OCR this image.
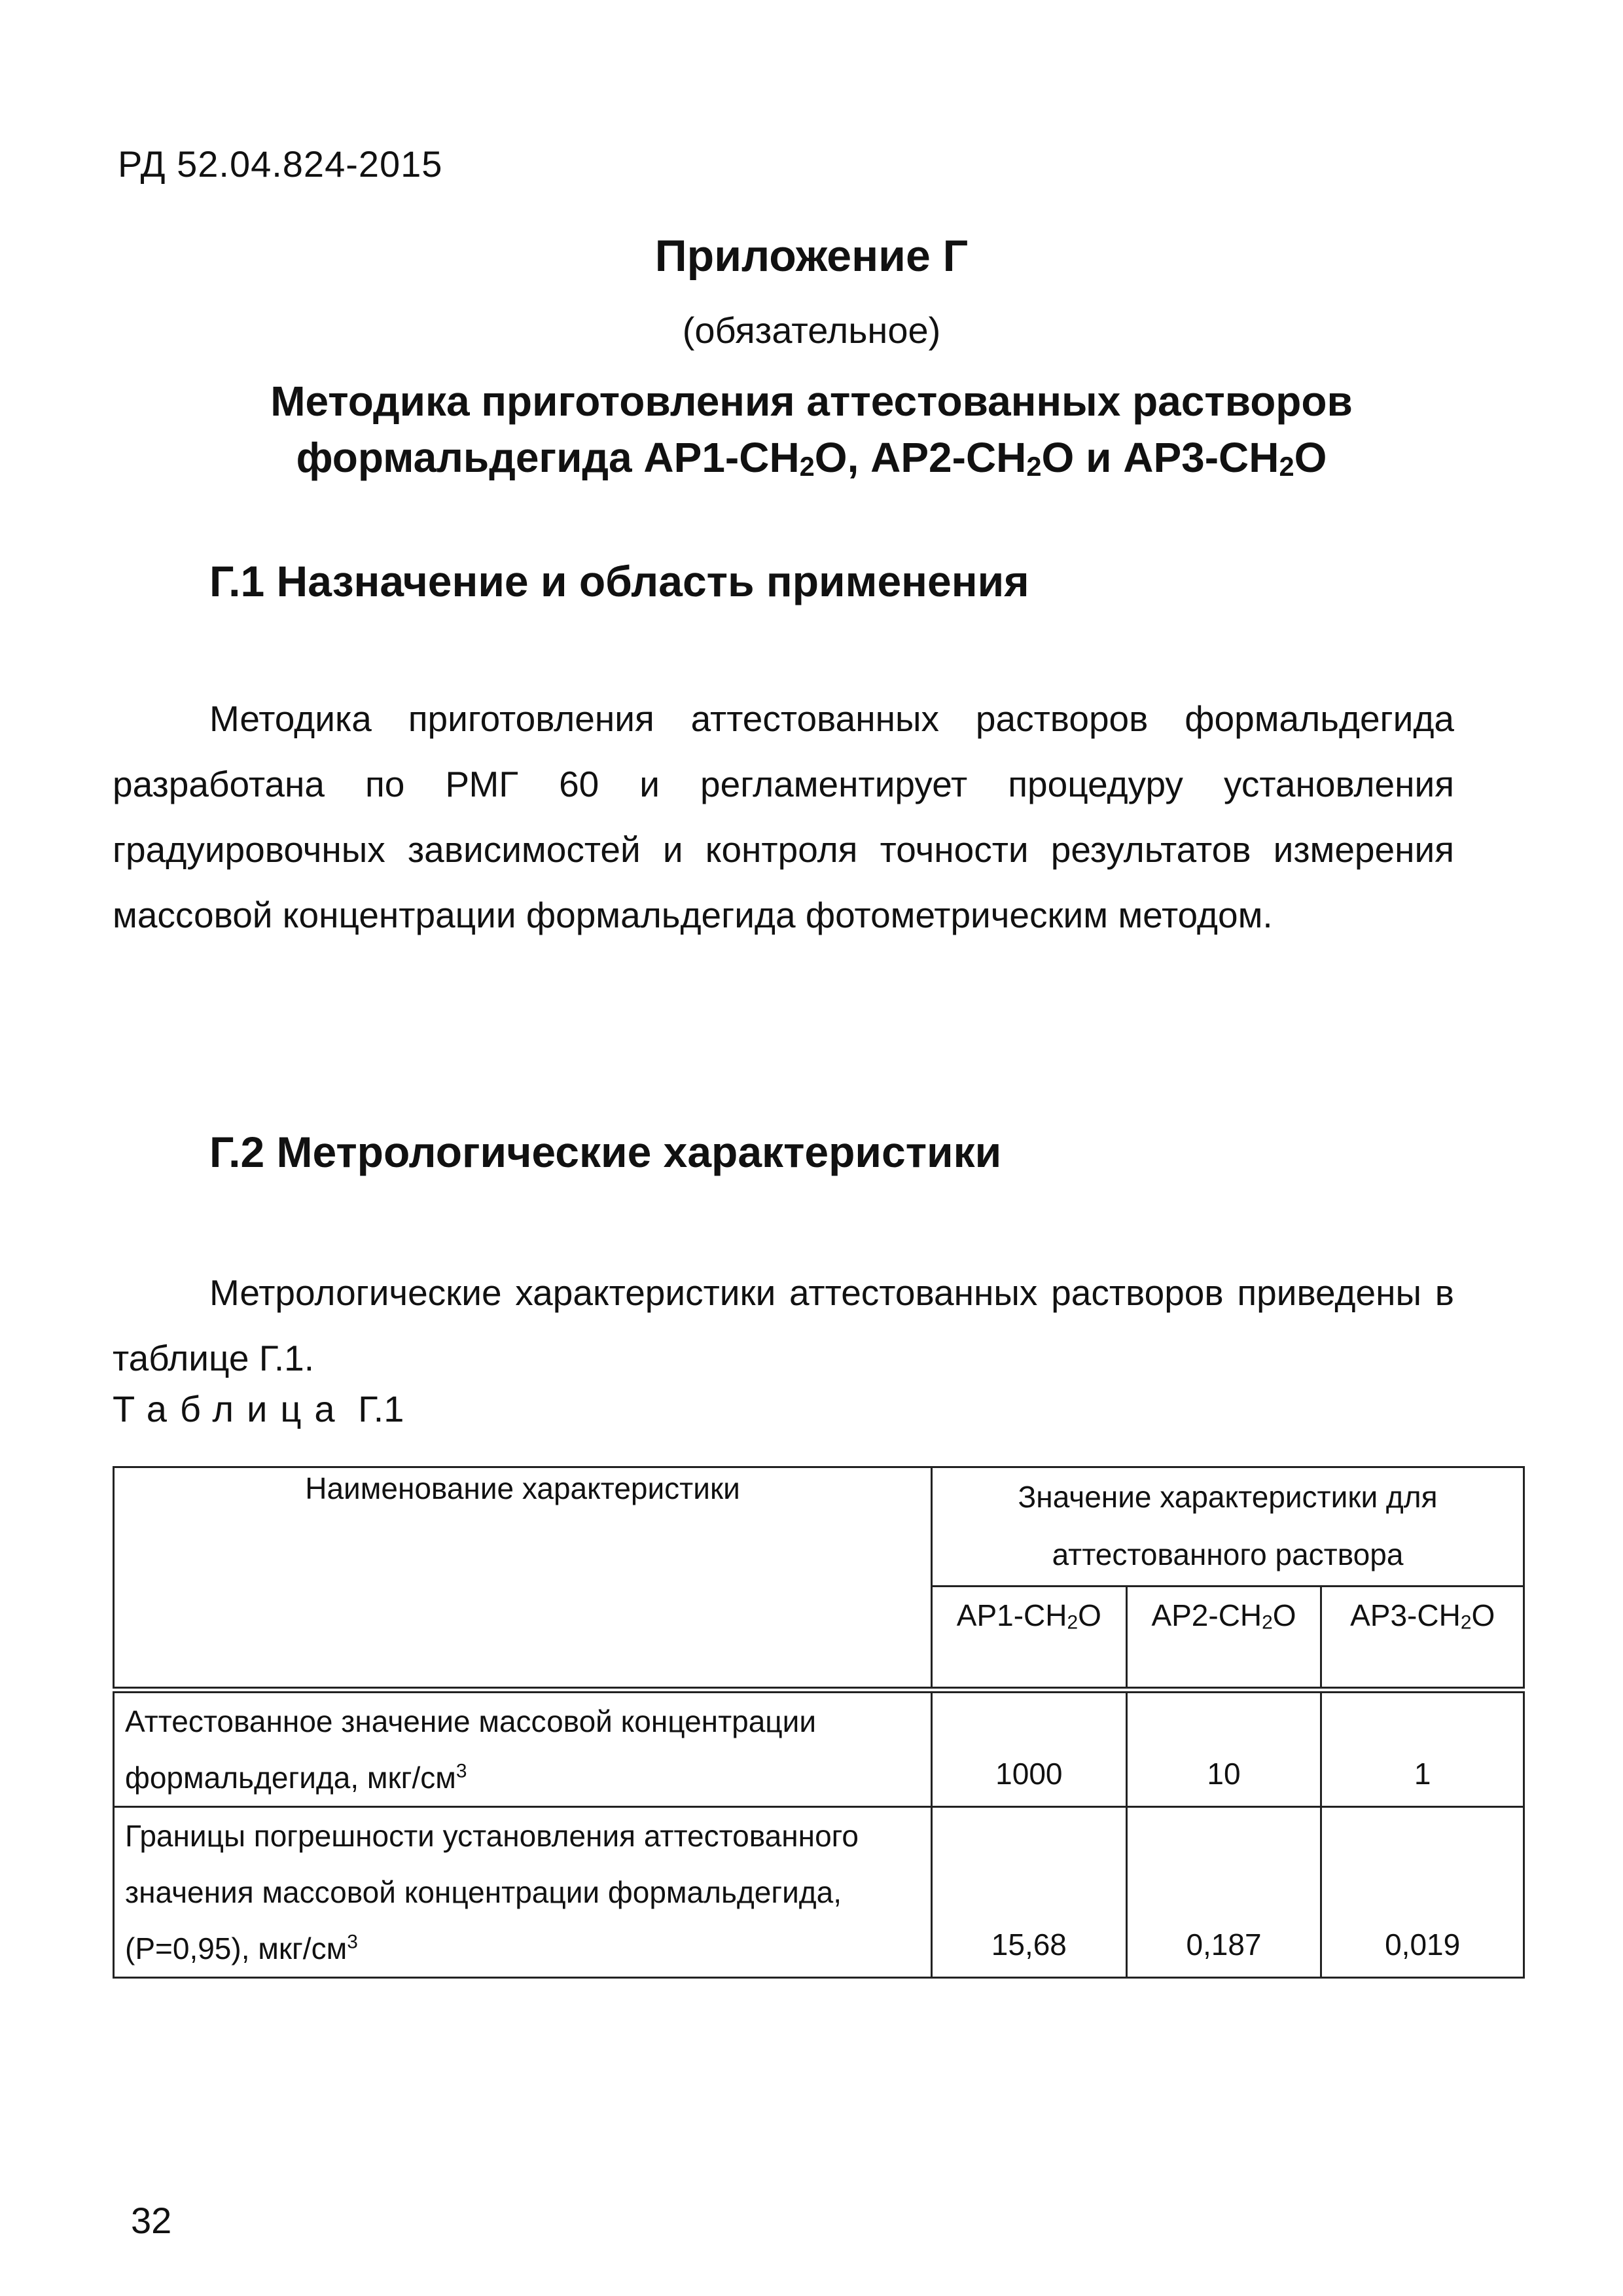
РД 52.04.824-2015
Приложение Г
(обязательное)
Методика приготовления аттестованных растворов
формальдегида $АР1-СН_2О$, $АР2-СН_2О$ и $АР3-СН_2О$
Г.1 Назначение и область применения

Методика приготовления аттестованных растворов формальдегида разработана по РМГ 60 и регламентирует процедуру установления градуировочных зависимостей и контроля точности результатов измерения массовой концентрации формальдегида фотометрическим методом.

Г.2 Метрологические характеристики

Метрологические характеристики аттестованных растворов приведены в таблице Г.1.

Таблица Г.1
Наименование характеристики	Значение характеристики для аттестованного раствора		
	$АР1-СН_2О$	$АР2-СН_2О$	$АР3-СН_2О$
Аттестованное значение массовой концентрации формальдегида, мкг/$см^3$	1000	10	1
Границы погрешности установления аттестованного значения массовой концентрации формальдегида, (Р=0,95), мкг/$см^3$	15,68	0,187	0,019
32
